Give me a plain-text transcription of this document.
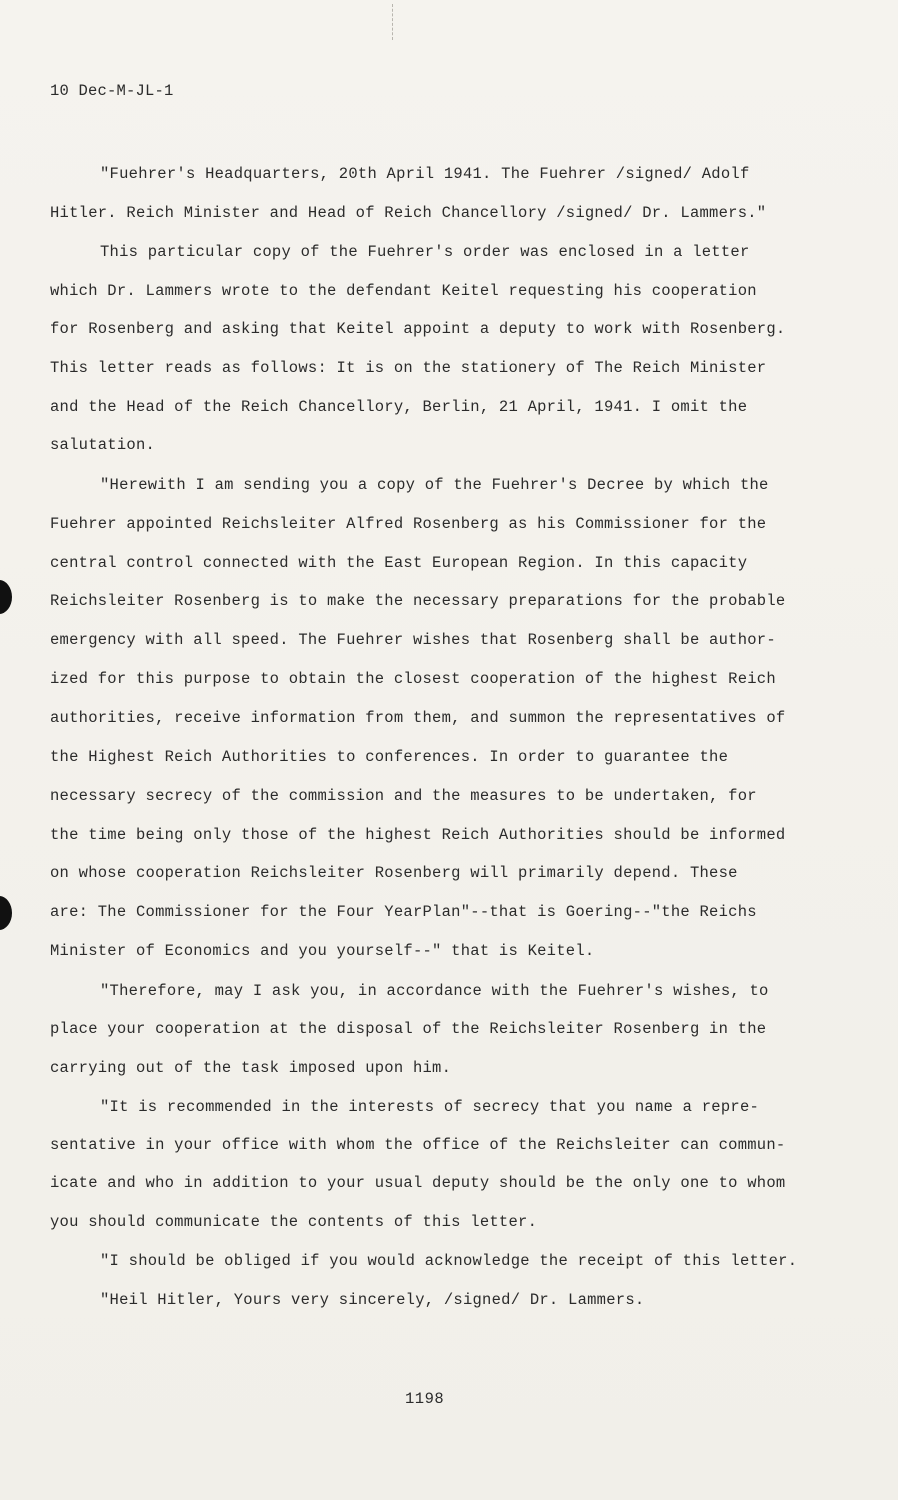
10 Dec-M-JL-1
"Fuehrer's Headquarters, 20th April 1941. The Fuehrer /signed/ Adolf
Hitler. Reich Minister and Head of Reich Chancellory /signed/ Dr. Lammers."
This particular copy of the Fuehrer's order was enclosed in a letter
which Dr. Lammers wrote to the defendant Keitel requesting his cooperation
for Rosenberg and asking that Keitel appoint a deputy to work with Rosenberg.
This letter reads as follows: It is on the stationery of The Reich Minister
and the Head of the Reich Chancellory, Berlin, 21 April, 1941. I omit the
salutation.
"Herewith I am sending you a copy of the Fuehrer's Decree by which the
Fuehrer appointed Reichsleiter Alfred Rosenberg as his Commissioner for the
central control connected with the East European Region. In this capacity
Reichsleiter Rosenberg is to make the necessary preparations for the probable
emergency with all speed. The Fuehrer wishes that Rosenberg shall be author-
ized for this purpose to obtain the closest cooperation of the highest Reich
authorities, receive information from them, and summon the representatives of
the Highest Reich Authorities to conferences. In order to guarantee the
necessary secrecy of the commission and the measures to be undertaken, for
the time being only those of the highest Reich Authorities should be informed
on whose cooperation Reichsleiter Rosenberg will primarily depend. These
are: The Commissioner for the Four YearPlan"--that is Goering--"the Reichs
Minister of Economics and you yourself--" that is Keitel.
"Therefore, may I ask you, in accordance with the Fuehrer's wishes, to
place your cooperation at the disposal of the Reichsleiter Rosenberg in the
carrying out of the task imposed upon him.
"It is recommended in the interests of secrecy that you name a repre-
sentative in your office with whom the office of the Reichsleiter can commun-
icate and who in addition to your usual deputy should be the only one to whom
you should communicate the contents of this letter.
"I should be obliged if you would acknowledge the receipt of this letter.
"Heil Hitler, Yours very sincerely, /signed/ Dr. Lammers.
1198
